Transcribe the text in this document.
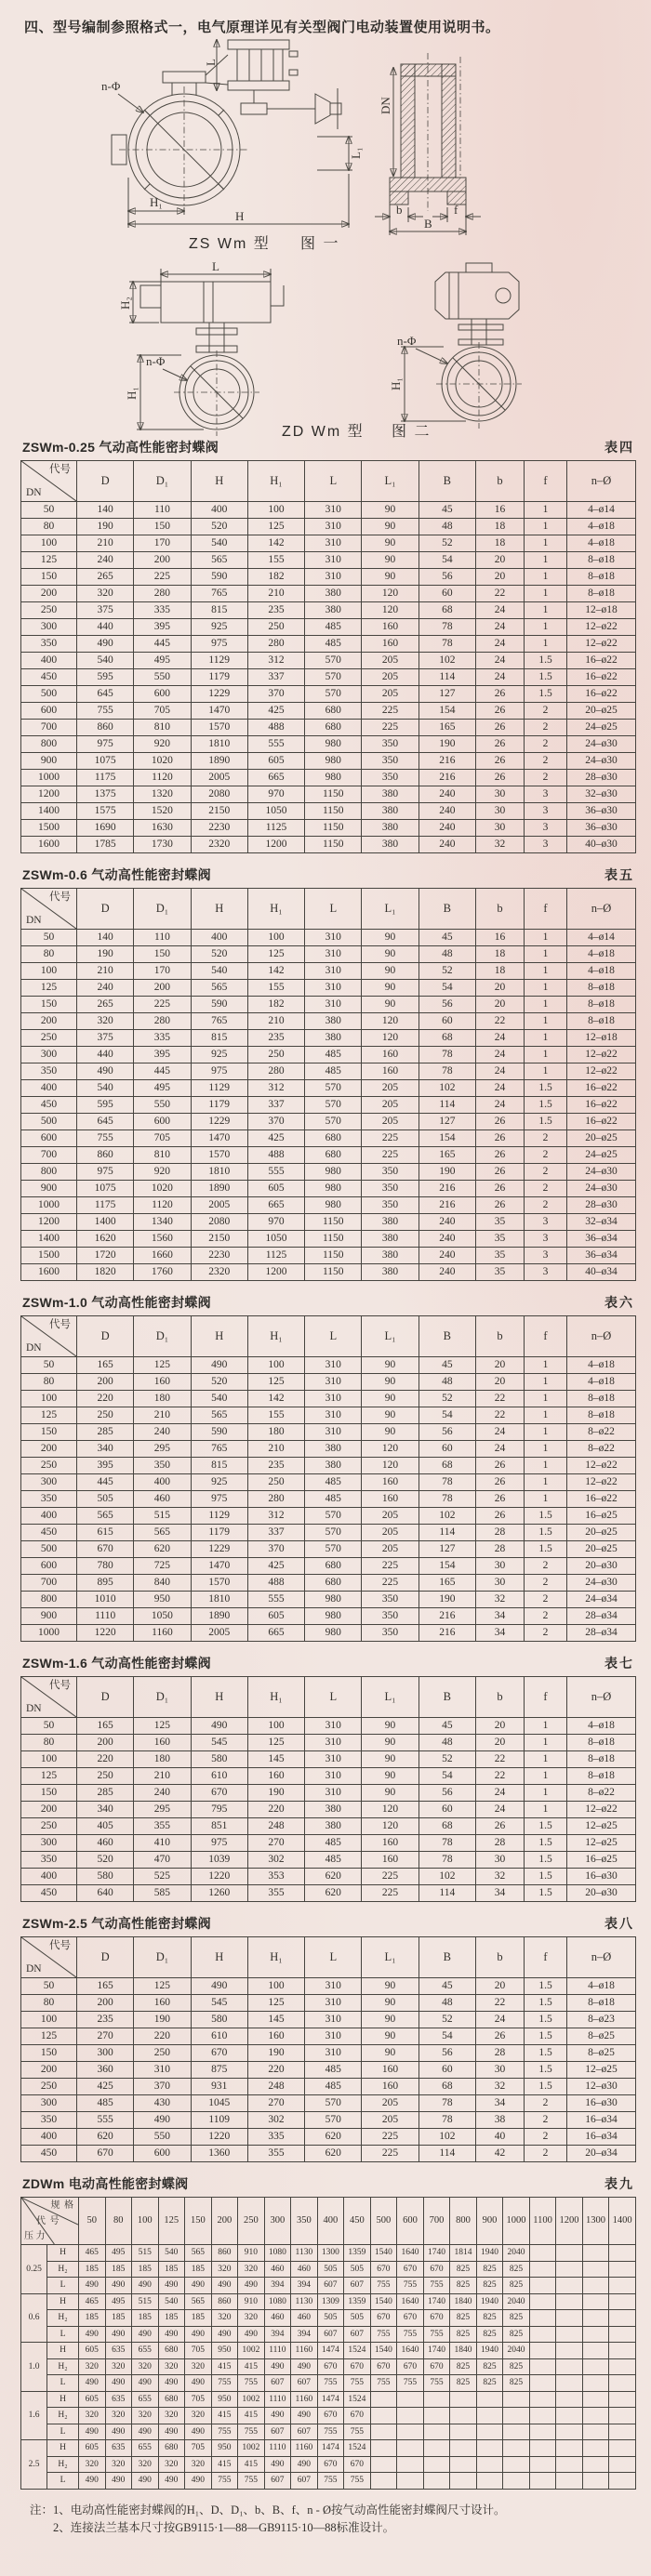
四、型号编制参照格式一，电气原理详见有关型阀门电动装置使用说明书。
n-Φ
L
L₁
H₁
H
DN
b	f
B
ZS Wm 型 图 一
L
H₂
n-Φ
H₁
n-Φ
H₁
ZD Wm 型 图 二
ZSWm-0.25 气动高性能密封蝶阀	表四
代号
DN	D	D₁	H	H₁	L	L₁	B	b	f	n–Ø
50	140	110	400	100	310	90	45	16	1	4–ø14
80	190	150	520	125	310	90	48	18	1	4–ø18
100	210	170	540	142	310	90	52	18	1	4–ø18
125	240	200	565	155	310	90	54	20	1	8–ø18
150	265	225	590	182	310	90	56	20	1	8–ø18
200	320	280	765	210	380	120	60	22	1	8–ø18
250	375	335	815	235	380	120	68	24	1	12–ø18
300	440	395	925	250	485	160	78	24	1	12–ø22
350	490	445	975	280	485	160	78	24	1	12–ø22
400	540	495	1129	312	570	205	102	24	1.5	16–ø22
450	595	550	1179	337	570	205	114	24	1.5	16–ø22
500	645	600	1229	370	570	205	127	26	1.5	16–ø22
600	755	705	1470	425	680	225	154	26	2	20–ø25
700	860	810	1570	488	680	225	165	26	2	24–ø25
800	975	920	1810	555	980	350	190	26	2	24–ø30
900	1075	1020	1890	605	980	350	216	26	2	24–ø30
1000	1175	1120	2005	665	980	350	216	26	2	28–ø30
1200	1375	1320	2080	970	1150	380	240	30	3	32–ø30
1400	1575	1520	2150	1050	1150	380	240	30	3	36–ø30
1500	1690	1630	2230	1125	1150	380	240	30	3	36–ø30
1600	1785	1730	2320	1200	1150	380	240	32	3	40–ø30
ZSWm-0.6 气动高性能密封蝶阀	表五
代号
DN	D	D₁	H	H₁	L	L₁	B	b	f	n–Ø
50	140	110	400	100	310	90	45	16	1	4–ø14
80	190	150	520	125	310	90	48	18	1	4–ø18
100	210	170	540	142	310	90	52	18	1	4–ø18
125	240	200	565	155	310	90	54	20	1	8–ø18
150	265	225	590	182	310	90	56	20	1	8–ø18
200	320	280	765	210	380	120	60	22	1	8–ø18
250	375	335	815	235	380	120	68	24	1	12–ø18
300	440	395	925	250	485	160	78	24	1	12–ø22
350	490	445	975	280	485	160	78	24	1	12–ø22
400	540	495	1129	312	570	205	102	24	1.5	16–ø22
450	595	550	1179	337	570	205	114	24	1.5	16–ø22
500	645	600	1229	370	570	205	127	26	1.5	16–ø22
600	755	705	1470	425	680	225	154	26	2	20–ø25
700	860	810	1570	488	680	225	165	26	2	24–ø25
800	975	920	1810	555	980	350	190	26	2	24–ø30
900	1075	1020	1890	605	980	350	216	26	2	24–ø30
1000	1175	1120	2005	665	980	350	216	26	2	28–ø30
1200	1400	1340	2080	970	1150	380	240	35	3	32–ø34
1400	1620	1560	2150	1050	1150	380	240	35	3	36–ø34
1500	1720	1660	2230	1125	1150	380	240	35	3	36–ø34
1600	1820	1760	2320	1200	1150	380	240	35	3	40–ø34
ZSWm-1.0 气动高性能密封蝶阀	表六
代号
DN	D	D₁	H	H₁	L	L₁	B	b	f	n–Ø
50	165	125	490	100	310	90	45	20	1	4–ø18
80	200	160	520	125	310	90	48	20	1	4–ø18
100	220	180	540	142	310	90	52	22	1	8–ø18
125	250	210	565	155	310	90	54	22	1	8–ø18
150	285	240	590	180	310	90	56	24	1	8–ø22
200	340	295	765	210	380	120	60	24	1	8–ø22
250	395	350	815	235	380	120	68	26	1	12–ø22
300	445	400	925	250	485	160	78	26	1	12–ø22
350	505	460	975	280	485	160	78	26	1	16–ø22
400	565	515	1129	312	570	205	102	26	1.5	16–ø25
450	615	565	1179	337	570	205	114	28	1.5	20–ø25
500	670	620	1229	370	570	205	127	28	1.5	20–ø25
600	780	725	1470	425	680	225	154	30	2	20–ø30
700	895	840	1570	488	680	225	165	30	2	24–ø30
800	1010	950	1810	555	980	350	190	32	2	24–ø34
900	1110	1050	1890	605	980	350	216	34	2	28–ø34
1000	1220	1160	2005	665	980	350	216	34	2	28–ø34
ZSWm-1.6 气动高性能密封蝶阀	表七
代号
DN	D	D₁	H	H₁	L	L₁	B	b	f	n–Ø
50	165	125	490	100	310	90	45	20	1	4–ø18
80	200	160	545	125	310	90	48	20	1	8–ø18
100	220	180	580	145	310	90	52	22	1	8–ø18
125	250	210	610	160	310	90	54	22	1	8–ø18
150	285	240	670	190	310	90	56	24	1	8–ø22
200	340	295	795	220	380	120	60	24	1	12–ø22
250	405	355	851	248	380	120	68	26	1.5	12–ø25
300	460	410	975	270	485	160	78	28	1.5	12–ø25
350	520	470	1039	302	485	160	78	30	1.5	16–ø25
400	580	525	1220	353	620	225	102	32	1.5	16–ø30
450	640	585	1260	355	620	225	114	34	1.5	20–ø30
ZSWm-2.5 气动高性能密封蝶阀	表八
代号
DN	D	D₁	H	H₁	L	L₁	B	b	f	n–Ø
50	165	125	490	100	310	90	45	20	1.5	4–ø18
80	200	160	545	125	310	90	48	22	1.5	8–ø18
100	235	190	580	145	310	90	52	24	1.5	8–ø23
125	270	220	610	160	310	90	54	26	1.5	8–ø25
150	300	250	670	190	310	90	56	28	1.5	8–ø25
200	360	310	875	220	485	160	60	30	1.5	12–ø25
250	425	370	931	248	485	160	68	32	1.5	12–ø30
300	485	430	1045	270	570	205	78	34	2	16–ø30
350	555	490	1109	302	570	205	78	38	2	16–ø34
400	620	550	1220	335	620	225	102	40	2	16–ø34
450	670	600	1360	355	620	225	114	42	2	20–ø34
ZDWm 电动高性能密封蝶阀	表九
规 格
代 号
压 力		50	80	100	125	150	200	250	300	350	400	450	500	600	700	800	900	1000	1100	1200	1300	1400
0.25	H	465	495	515	540	565	860	910	1080	1130	1300	1359	1540	1640	1740	1814	1940	2040				
	H₂	185	185	185	185	185	320	320	460	460	505	505	670	670	670	825	825	825				
	L	490	490	490	490	490	490	490	394	394	607	607	755	755	755	825	825	825				
0.6	H	465	495	515	540	565	860	910	1080	1130	1309	1359	1540	1640	1740	1840	1940	2040				
	H₂	185	185	185	185	185	320	320	460	460	505	505	670	670	670	825	825	825				
	L	490	490	490	490	490	490	490	394	394	607	607	755	755	755	825	825	825				
1.0	H	605	635	655	680	705	950	1002	1110	1160	1474	1524	1540	1640	1740	1840	1940	2040				
	H₂	320	320	320	320	320	415	415	490	490	670	670	670	670	670	825	825	825				
	L	490	490	490	490	490	755	755	607	607	755	755	755	755	755	825	825	825				
1.6	H	605	635	655	680	705	950	1002	1110	1160	1474	1524										
	H₂	320	320	320	320	320	415	415	490	490	670	670										
	L	490	490	490	490	490	755	755	607	607	755	755										
2.5	H	605	635	655	680	705	950	1002	1110	1160	1474	1524										
	H₂	320	320	320	320	320	415	415	490	490	670	670										
	L	490	490	490	490	490	755	755	607	607	755	755										
注：1、电动高性能密封蝶阀的H₁、D、D₁、b、B、f、n - Ø按气动高性能密封蝶阀尺寸设计。
2、连接法兰基本尺寸按GB9115·1—88—GB9115·10—88标准设计。
